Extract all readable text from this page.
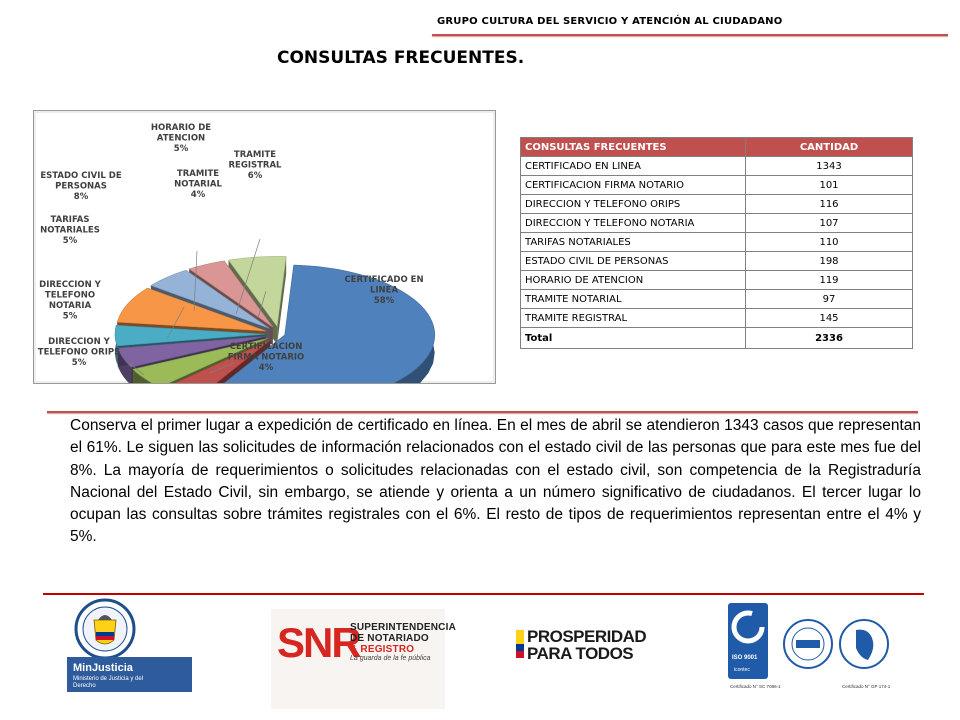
GRUPO CULTURA DEL SERVICIO Y ATENCIÓN AL CIUDADANO
CONSULTAS FRECUENTES.
CERTIFICADO EN LINEA 58%
CERTIFICACION FIRMA NOTARIO 4%
DIRECCION Y TELEFONO ORIPS 5%
DIRECCION Y TELEFONO NOTARIA 5%
TARIFAS NOTARIALES 5%
ESTADO CIVIL DE PERSONAS 8%
HORARIO DE ATENCION 5%
TRAMITE NOTARIAL 4%
TRAMITE REGISTRAL 6%
CONSULTAS FRECUENTES	CANTIDAD
CERTIFICADO EN LINEA	1343
CERTIFICACION FIRMA NOTARIO	101
DIRECCION Y TELEFONO ORIPS	116
DIRECCION Y TELEFONO NOTARIA	107
TARIFAS NOTARIALES	110
ESTADO CIVIL DE PERSONAS	198
HORARIO DE ATENCION	119
TRAMITE NOTARIAL	97
TRAMITE REGISTRAL	145
Total	2336
Conserva el primer lugar a expedición de certificado en línea. En el mes de abril se atendieron 1343 casos que representan el 61%. Le siguen las solicitudes de información relacionados con el estado civil de las personas que para este mes fue del 8%. La mayoría de requerimientos o solicitudes relacionadas con el estado civil, son competencia de la Registraduría Nacional del Estado Civil, sin embargo, se atiende y orienta a un número significativo de ciudadanos. El tercer lugar lo ocupan las consultas sobre trámites registrales con el 6%. El resto de tipos de requerimientos representan entre el 4% y 5%.
MinJusticia
Ministerio de Justicia y del Derecho
SNR
SUPERINTENDENCIA
DE NOTARIADO
& REGISTRO
La guarda de la fe pública
PROSPERIDAD
PARA TODOS	ISO 9001
icontec
Certificado N° SC 7086-1	Certificado N° GP 174-1
